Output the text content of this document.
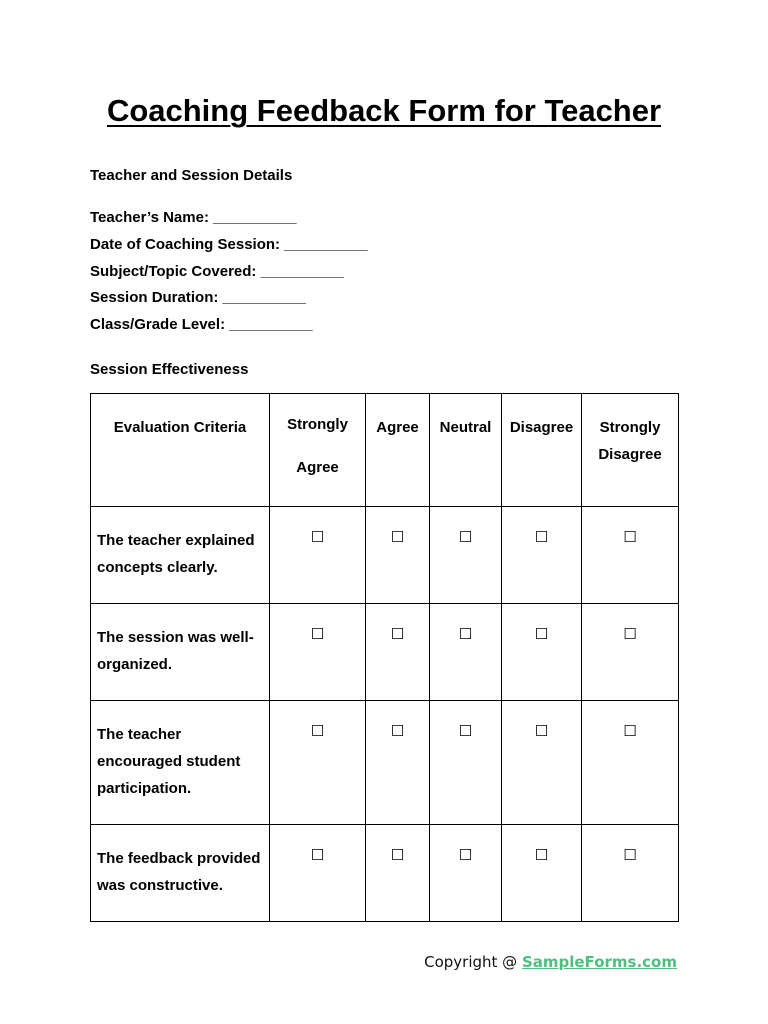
Coaching Feedback Form for Teacher
Teacher and Session Details
Teacher’s Name: __________
Date of Coaching Session: __________
Subject/Topic Covered: __________
Session Duration: __________
Class/Grade Level: __________
Session Effectiveness
Evaluation Criteria	Strongly Agree	Agree	Neutral	Disagree	Strongly Disagree
The teacher explained concepts clearly.	☐	☐	☐	☐	☐
The session was well-organized.	☐	☐	☐	☐	☐
The teacher encouraged student participation.	☐	☐	☐	☐	☐
The feedback provided was constructive.	☐	☐	☐	☐	☐
Copyright @ SampleForms.com
